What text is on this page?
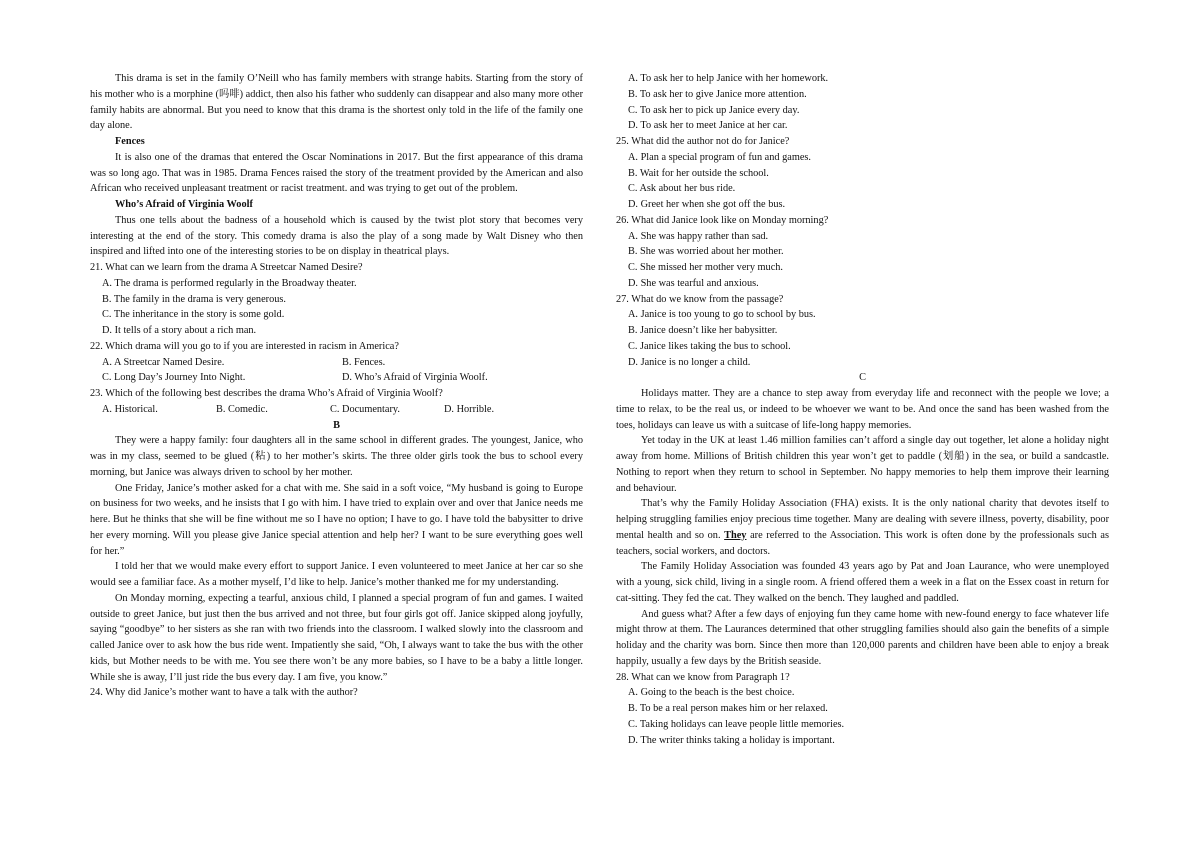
This drama is set in the family O’Neill who has family members with strange habits. Starting from the story of his mother who is a morphine (吗啡) addict, then also his father who suddenly can disappear and also many more other family habits are abnormal. But you need to know that this drama is the shortest only told in the life of the family one day alone.

Fences

It is also one of the dramas that entered the Oscar Nominations in 2017. But the first appearance of this drama was so long ago. That was in 1985. Drama Fences raised the story of the treatment provided by the American and also African who received unpleasant treatment or racist treatment. and was trying to get out of the problem.

Who’s Afraid of Virginia Woolf

Thus one tells about the badness of a household which is caused by the twist plot story that becomes very interesting at the end of the story. This comedy drama is also the play of a song made by Walt Disney who then inspired and lifted into one of the interesting stories to be on display in theatrical plays.

21. What can we learn from the drama A Streetcar Named Desire?

A. The drama is performed regularly in the Broadway theater.

B. The family in the drama is very generous.

C. The inheritance in the story is some gold.

D. It tells of a story about a rich man.

22. Which drama will you go to if you are interested in racism in America?

A. A Streetcar Named Desire.	B. Fences.
C. Long Day’s Journey Into Night.	D. Who’s Afraid of Virginia Woolf.

23. Which of the following best describes the drama Who’s Afraid of Virginia Woolf?

A. Historical.	B. Comedic.	C. Documentary.	D. Horrible.

B

They were a happy family: four daughters all in the same school in different grades. The youngest, Janice, who was in my class, seemed to be glued (粘) to her mother’s skirts. The three older girls took the bus to school every morning, but Janice was always driven to school by her mother.

One Friday, Janice’s mother asked for a chat with me. She said in a soft voice, “My husband is going to Europe on business for two weeks, and he insists that I go with him. I have tried to explain over and over that Janice needs me here. But he thinks that she will be fine without me so I have no option; I have to go. I have told the babysitter to drive her every morning. Will you please give Janice special attention and help her? I want to be sure everything goes well for her.”

I told her that we would make every effort to support Janice. I even volunteered to meet Janice at her car so she would see a familiar face. As a mother myself, I’d like to help. Janice’s mother thanked me for my understanding.

On Monday morning, expecting a tearful, anxious child, I planned a special program of fun and games. I waited outside to greet Janice, but just then the bus arrived and not three, but four girls got off. Janice skipped along joyfully, saying “goodbye” to her sisters as she ran with two friends into the classroom. I walked slowly into the classroom and called Janice over to ask how the bus ride went. Impatiently she said, “Oh, I always want to take the bus with the other kids, but Mother needs to be with me. You see there won’t be any more babies, so I have to be a baby a little longer. While she is away, I’ll just ride the bus every day. I am five, you know.”

24. Why did Janice’s mother want to have a talk with the author?

A. To ask her to help Janice with her homework.

B. To ask her to give Janice more attention.

C. To ask her to pick up Janice every day.

D. To ask her to meet Janice at her car.

25. What did the author not do for Janice?

A. Plan a special program of fun and games.

B. Wait for her outside the school.

C. Ask about her bus ride.

D. Greet her when she got off the bus.

26. What did Janice look like on Monday morning?

A. She was happy rather than sad.

B. She was worried about her mother.

C. She missed her mother very much.

D. She was tearful and anxious.

27. What do we know from the passage?

A. Janice is too young to go to school by bus.

B. Janice doesn’t like her babysitter.

C. Janice likes taking the bus to school.

D. Janice is no longer a child.

C

Holidays matter. They are a chance to step away from everyday life and reconnect with the people we love; a time to relax, to be the real us, or indeed to be whoever we want to be. And once the sand has been washed from the toes, holidays can leave us with a suitcase of life-long happy memories.

Yet today in the UK at least 1.46 million families can’t afford a single day out together, let alone a holiday night away from home. Millions of British children this year won’t get to paddle (划船) in the sea, or build a sandcastle. Nothing to report when they return to school in September. No happy memories to help them improve their learning and behaviour.

That’s why the Family Holiday Association (FHA) exists. It is the only national charity that devotes itself to helping struggling families enjoy precious time together. Many are dealing with severe illness, poverty, disability, poor mental health and so on. They are referred to the Association. This work is often done by the professionals such as teachers, social workers, and doctors.

The Family Holiday Association was founded 43 years ago by Pat and Joan Laurance, who were unemployed with a young, sick child, living in a single room. A friend offered them a week in a flat on the Essex coast in return for cat-sitting. They fed the cat. They walked on the bench. They laughed and paddled.

And guess what? After a few days of enjoying fun they came home with new-found energy to face whatever life might throw at them. The Laurances determined that other struggling families should also gain the benefits of a simple holiday and the charity was born. Since then more than 120,000 parents and children have been able to enjoy a break happily, usually a few days by the British seaside.

28. What can we know from Paragraph 1?

A. Going to the beach is the best choice.

B. To be a real person makes him or her relaxed.

C. Taking holidays can leave people little memories.

D. The writer thinks taking a holiday is important.
